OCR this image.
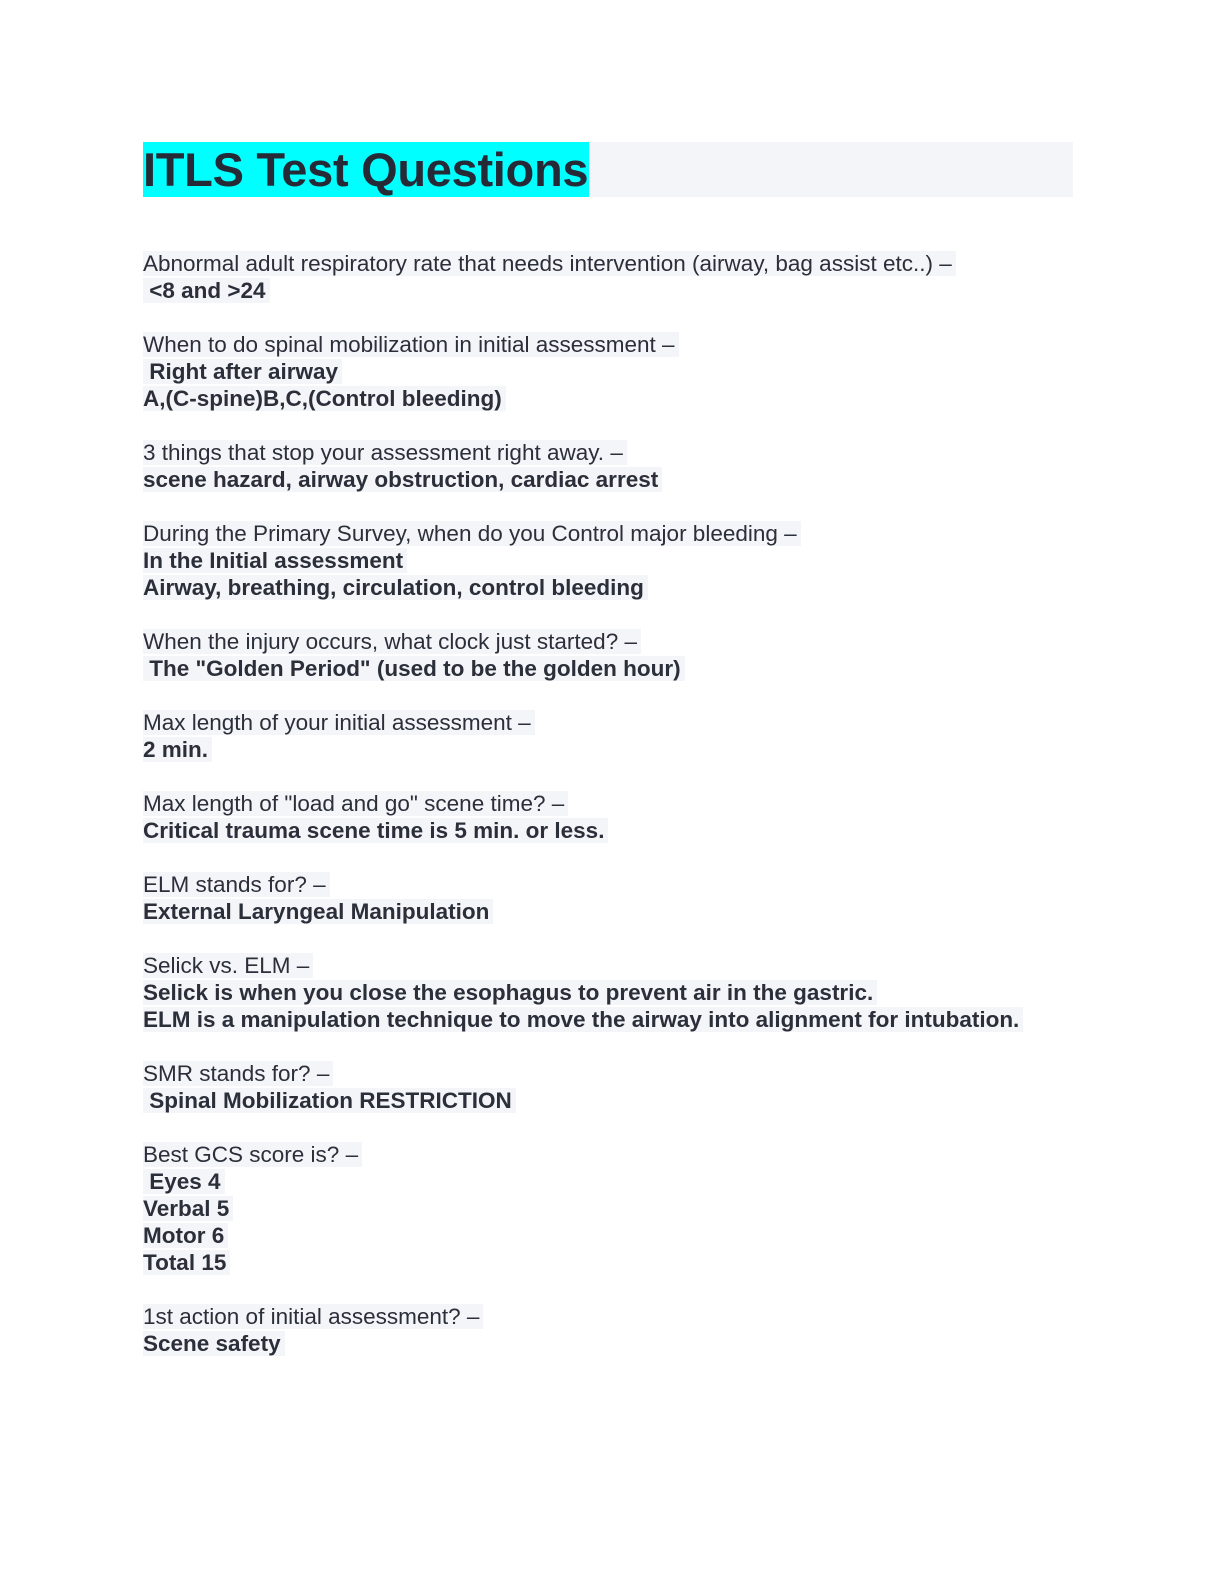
ITLS Test Questions
Abnormal adult respiratory rate that needs intervention (airway, bag assist etc..) –
<8 and >24
When to do spinal mobilization in initial assessment –
Right after airway
A,(C-spine)B,C,(Control bleeding)
3 things that stop your assessment right away. –
scene hazard, airway obstruction, cardiac arrest
During the Primary Survey, when do you Control major bleeding –
In the Initial assessment
Airway, breathing, circulation, control bleeding
When the injury occurs, what clock just started? –
The "Golden Period" (used to be the golden hour)
Max length of your initial assessment –
2 min.
Max length of "load and go" scene time? –
Critical trauma scene time is 5 min. or less.
ELM stands for? –
External Laryngeal Manipulation
Selick vs. ELM –
Selick is when you close the esophagus to prevent air in the gastric.
ELM is a manipulation technique to move the airway into alignment for intubation.
SMR stands for? –
Spinal Mobilization RESTRICTION
Best GCS score is? –
Eyes 4
Verbal 5
Motor 6
Total 15
1st action of initial assessment? –
Scene safety
